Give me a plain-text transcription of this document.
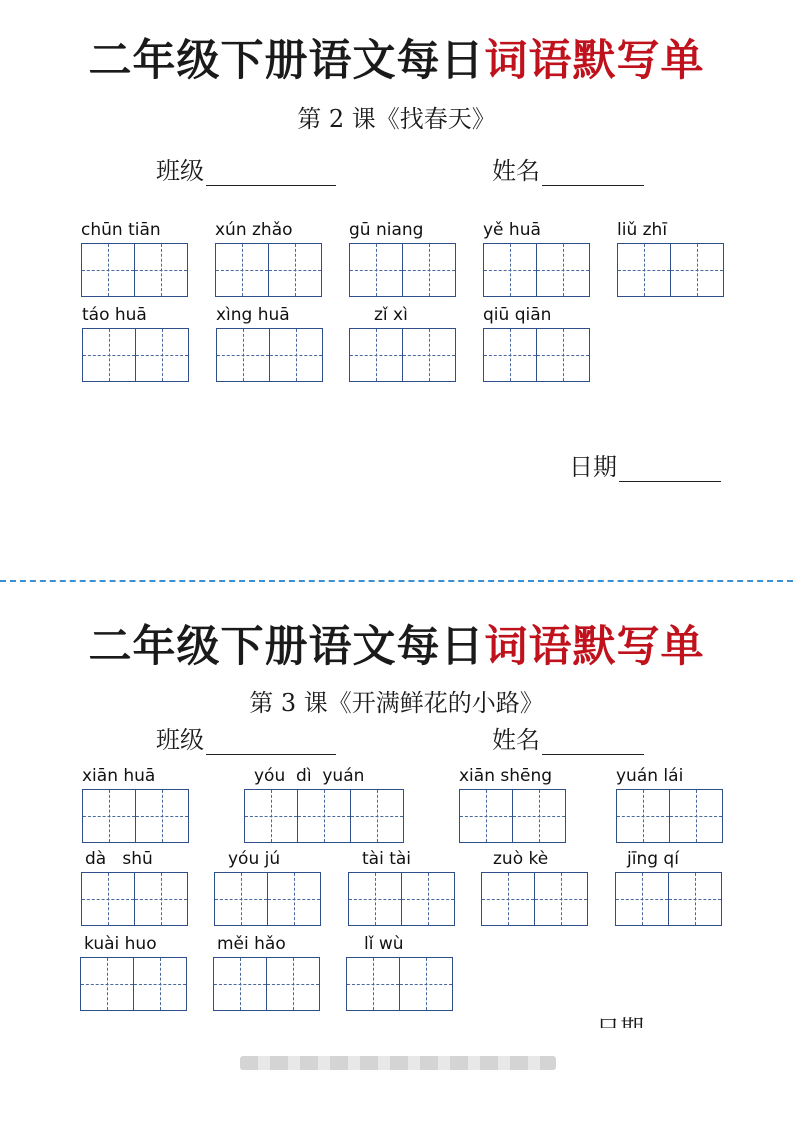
二年级下册语文每日词语默写单
第 2 课《找春天》
班级	姓名
chūn tiān	xún zhǎo	gū niang	yě huā	liǔ zhī
táo huā	xìng huā	zǐ xì	qiū qiān
日期
二年级下册语文每日词语默写单
第 3 课《开满鲜花的小路》
班级	姓名
xiān huā	yóu  dì  yuán	xiān shēng	yuán lái
dà   shū	yóu jú	tài tài	zuò kè	jīng qí
kuài huo	měi hǎo	lǐ wù
